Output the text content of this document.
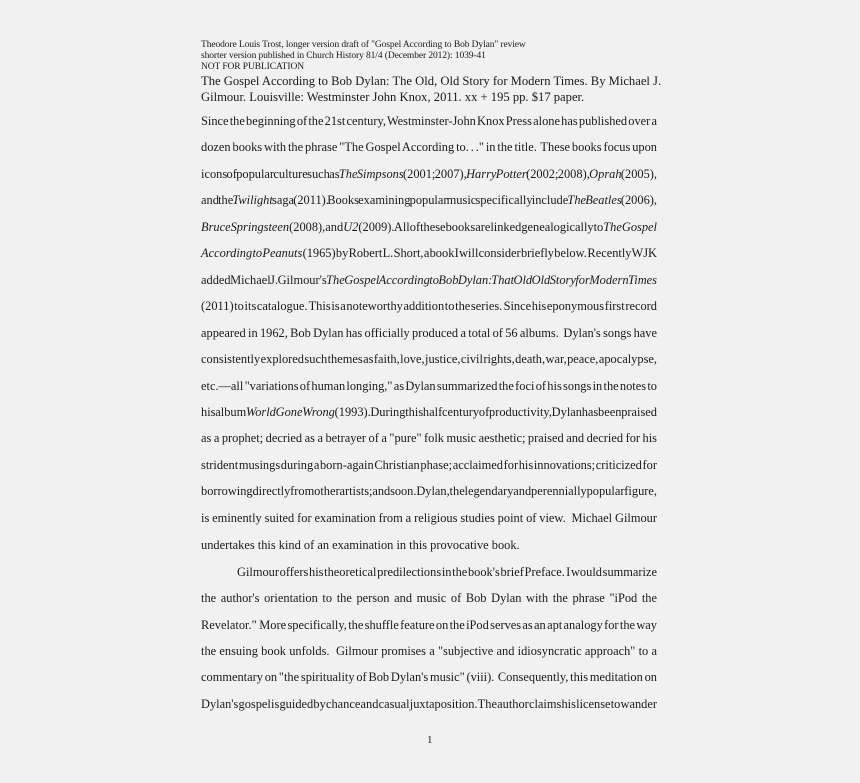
Theodore Louis Trost, longer version draft of "Gospel According to Bob Dylan" review
shorter version published in Church History 81/4 (December 2012): 1039-41
NOT FOR PUBLICATION
The Gospel According to Bob Dylan: The Old, Old Story for Modern Times. By Michael J.
Gilmour. Louisville: Westminster John Knox, 2011. xx + 195 pp. $17 paper.
Since the beginning of the 21st century, Westminster-John Knox Press alone has published over a
dozen books with the phrase "The Gospel According to. . ." in the title.  These books focus upon
icons of popular culture such as The Simpsons (2001; 2007), Harry Potter (2002; 2008), Oprah (2005),
and the Twilight saga (2011).  Books examining popular music specifically include The Beatles (2006),
Bruce Springsteen (2008), and U2 (2009).  All of these books are linked genealogically to The Gospel
According to Peanuts (1965) by Robert L. Short, a book I will consider briefly below.  Recently WJK
added Michael J. Gilmour's The Gospel According to Bob Dylan:  That Old Old Story for Modern Times
(2011) to its catalogue.  This is a noteworthy addition to the series.  Since his eponymous first record
appeared in 1962, Bob Dylan has officially produced a total of 56 albums.  Dylan's songs have
consistently explored such themes as faith, love, justice, civil rights, death, war, peace, apocalypse,
etc.—all "variations of human longing," as Dylan summarized the foci of his songs in the notes to
his album World Gone Wrong (1993).  During this half century of productivity, Dylan has been praised
as a prophet; decried as a betrayer of a "pure" folk music aesthetic; praised and decried for his
strident musings during a born-again Christian phase; acclaimed for his innovations; criticized for
borrowing directly from other artists; and so on. Dylan, the legendary and perennially popular figure,
is eminently suited for examination from a religious studies point of view.  Michael Gilmour
undertakes this kind of an examination in this provocative book.
Gilmour offers his theoretical predilections in the book's brief Preface.  I would summarize
the author's orientation to the person and music of Bob Dylan with the phrase "iPod the
Revelator."  More specifically, the shuffle feature on the iPod serves as an apt analogy for the way
the ensuing book unfolds.  Gilmour promises a "subjective and idiosyncratic approach" to a
commentary on "the spirituality of Bob Dylan's music" (viii).  Consequently, this meditation on
Dylan's gospel is guided by chance and casual juxtaposition.  The author claims his license to wander
1
